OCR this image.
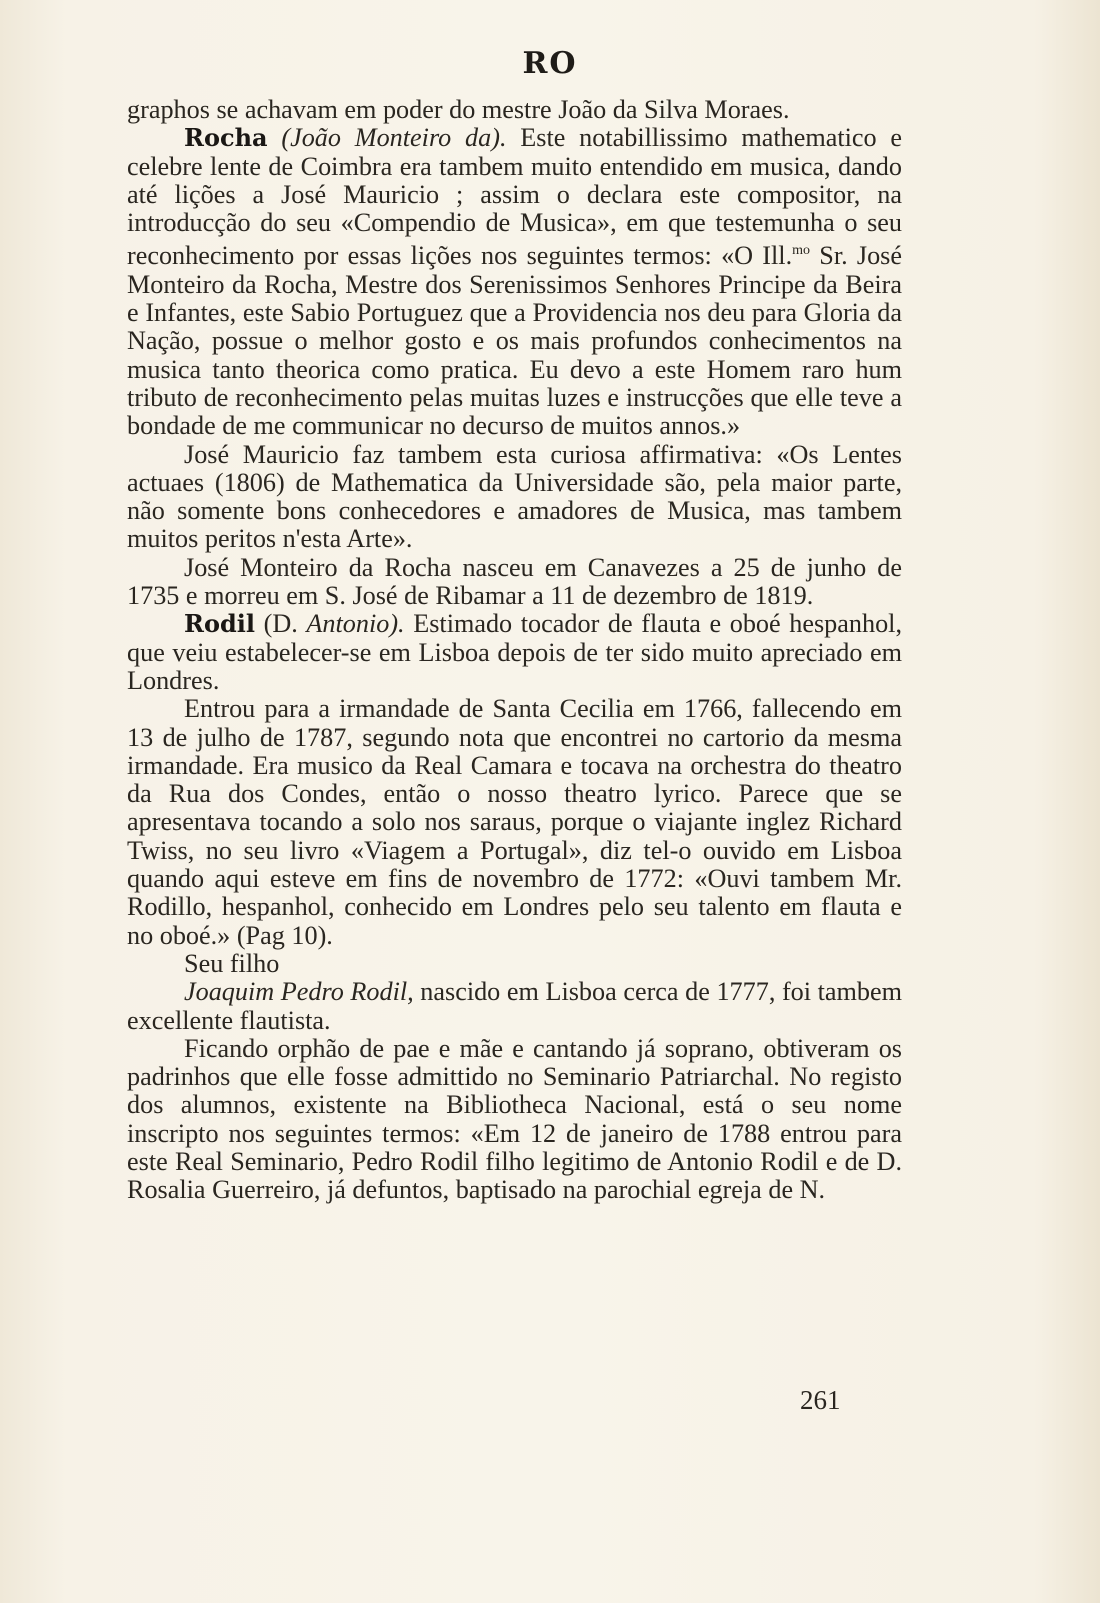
RO

graphos se achavam em poder do mestre João da Silva Moraes.

Rocha (João Monteiro da). Este notabillissimo mathematico e celebre lente de Coimbra era tambem muito entendido em musica, dando até lições a José Mauricio ; assim o declara este compositor, na introducção do seu «Compendio de Musica», em que testemunha o seu reconhecimento por essas lições nos seguintes termos: «O Ill.$^{mo}$ Sr. José Monteiro da Rocha, Mestre dos Serenissimos Senhores Principe da Beira e Infantes, este Sabio Portuguez que a Providencia nos deu para Gloria da Nação, possue o melhor gosto e os mais profundos conhecimentos na musica tanto theorica como pratica. Eu devo a este Homem raro hum tributo de reconhecimento pelas muitas luzes e instrucções que elle teve a bondade de me communicar no decurso de muitos annos.»

José Mauricio faz tambem esta curiosa affirmativa: «Os Lentes actuaes (1806) de Mathematica da Universidade são, pela maior parte, não somente bons conhecedores e amadores de Musica, mas tambem muitos peritos n'esta Arte».

José Monteiro da Rocha nasceu em Canavezes a 25 de junho de 1735 e morreu em S. José de Ribamar a 11 de dezembro de 1819.

Rodil (D. Antonio). Estimado tocador de flauta e oboé hespanhol, que veiu estabelecer-se em Lisboa depois de ter sido muito apreciado em Londres.

Entrou para a irmandade de Santa Cecilia em 1766, fallecendo em 13 de julho de 1787, segundo nota que encontrei no cartorio da mesma irmandade. Era musico da Real Camara e tocava na orchestra do theatro da Rua dos Condes, então o nosso theatro lyrico. Parece que se apresentava tocando a solo nos saraus, porque o viajante inglez Richard Twiss, no seu livro «Viagem a Portugal», diz tel-o ouvido em Lisboa quando aqui esteve em fins de novembro de 1772: «Ouvi tambem Mr. Rodillo, hespanhol, conhecido em Londres pelo seu talento em flauta e no oboé.» (Pag 10).

Seu filho

Joaquim Pedro Rodil, nascido em Lisboa cerca de 1777, foi tambem excellente flautista.

Ficando orphão de pae e mãe e cantando já soprano, obtiveram os padrinhos que elle fosse admittido no Seminario Patriarchal. No registo dos alumnos, existente na Bibliotheca Nacional, está o seu nome inscripto nos seguintes termos: «Em 12 de janeiro de 1788 entrou para este Real Seminario, Pedro Rodil filho legitimo de Antonio Rodil e de D. Rosalia Guerreiro, já defuntos, baptisado na parochial egreja de N.

261
